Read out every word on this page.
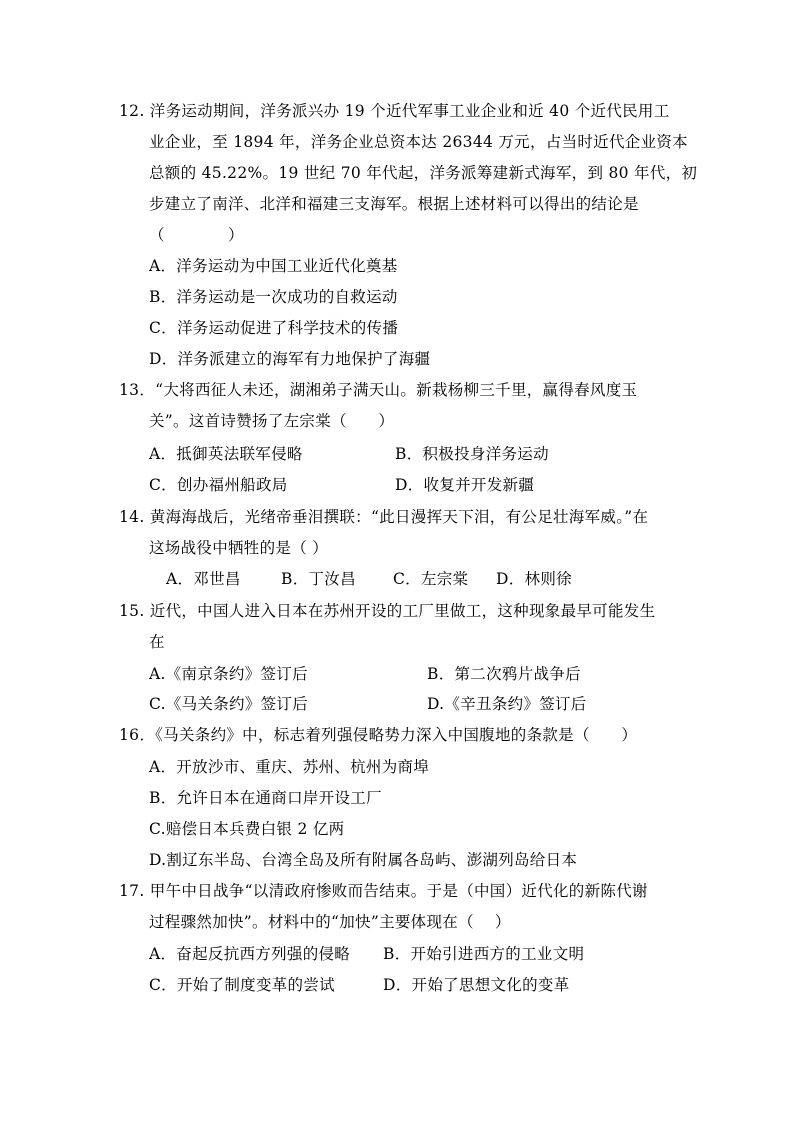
12. 洋务运动期间，洋务派兴办 19 个近代军事工业企业和近 40 个近代民用工
业企业，至 1894 年，洋务企业总资本达 26344 万元，占当时近代企业资本
总额的 45.22%。19 世纪 70 年代起，洋务派筹建新式海军，到 80 年代，初
步建立了南洋、北洋和福建三支海军。根据上述材料可以得出的结论是
（　　　　）
A．洋务运动为中国工业近代化奠基
B．洋务运动是一次成功的自救运动
C．洋务运动促进了科学技术的传播
D．洋务派建立的海军有力地保护了海疆
13．“大将西征人未还，湖湘弟子满天山。新栽杨柳三千里，赢得春风度玉
关”。这首诗赞扬了左宗棠（　　）
A．抵御英法联军侵略	B．积极投身洋务运动
C．创办福州船政局	D．收复并开发新疆
14. 黄海海战后，光绪帝垂泪撰联：“此日漫挥天下泪，有公足壮海军威。”在
这场战役中牺牲的是（ ）
A．邓世昌	B．丁汝昌 C．左宗棠 D．林则徐
15. 近代，中国人进入日本在苏州开设的工厂里做工，这种现象最早可能发生
在
A.《南京条约》签订后	B．第二次鸦片战争后
C.《马关条约》签订后	D.《辛丑条约》签订后
16．《马关条约》中，标志着列强侵略势力深入中国腹地的条款是（　　）
A．开放沙市、重庆、苏州、杭州为商埠
B．允许日本在通商口岸开设工厂
C.赔偿日本兵费白银 2 亿两
D.割辽东半岛、台湾全岛及所有附属各岛屿、澎湖列岛给日本
17. 甲午中日战争“以清政府惨败而告结束。于是（中国）近代化的新陈代谢
过程骤然加快”。材料中的“加快”主要体现在（　 ）
A．奋起反抗西方列强的侵略 B．开始引进西方的工业文明
C．开始了制度变革的尝试	D．开始了思想文化的变革
